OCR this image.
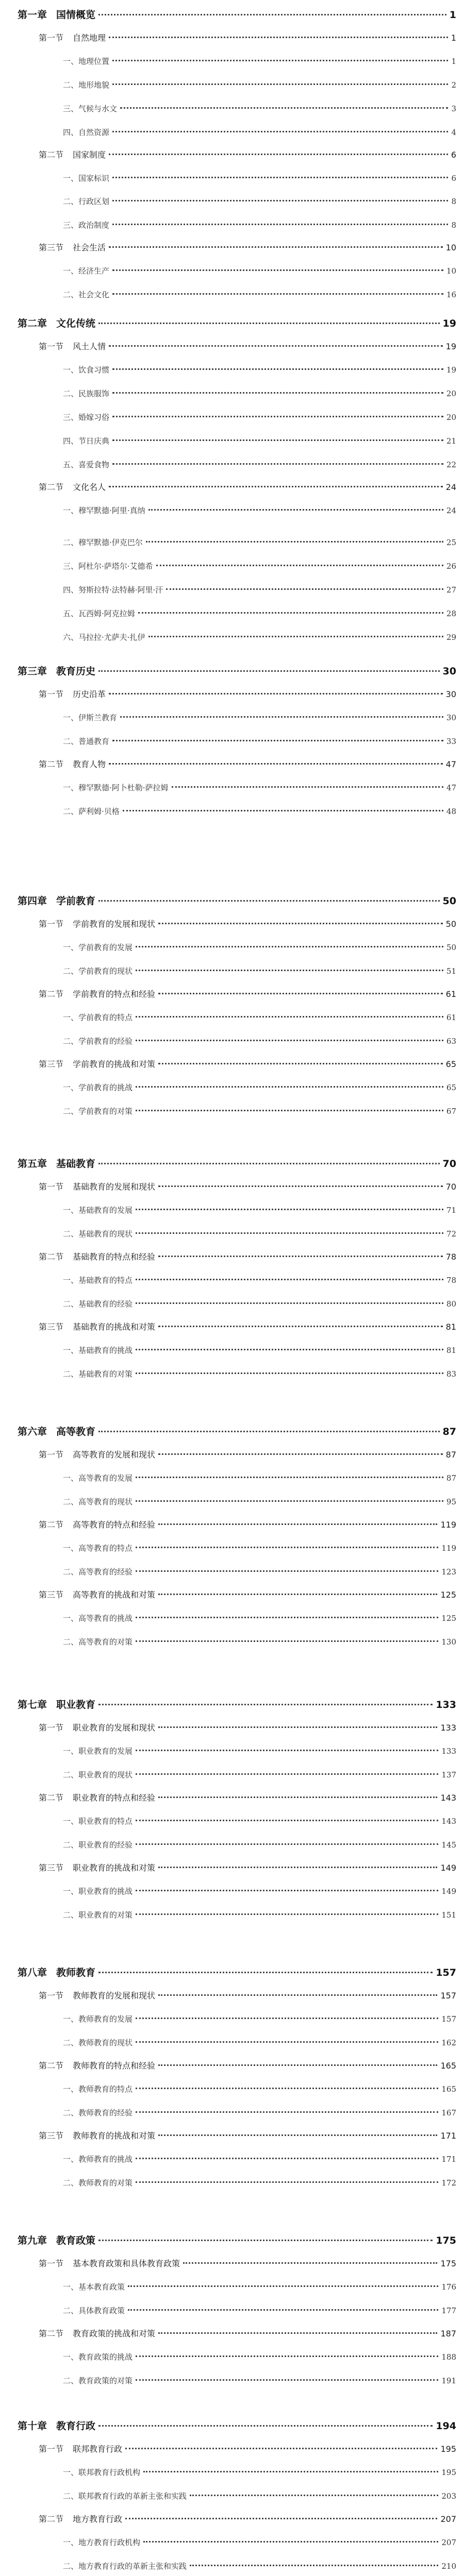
第一章 国情概览	1
第一节 自然地理	1
一、地理位置	1
二、地形地貌	2
三、气候与水文	3
四、自然资源	4
第二节 国家制度	6
一、国家标识	6
二、行政区划	8
三、政治制度	8
第三节 社会生活	10
一、经济生产	10
二、社会文化	16
第二章 文化传统	19
第一节 风土人情	19
一、饮食习惯	19
二、民族服饰	20
三、婚嫁习俗	20
四、节日庆典	21
五、喜爱食物	22
第二节 文化名人	24
一、穆罕默德·阿里·真纳	24
二、穆罕默德·伊克巴尔	25
三、阿杜尔·萨塔尔·艾德希	26
四、努斯拉特·法特赫·阿里·汗	27
五、瓦西姆·阿克拉姆	28
六、马拉拉·尤萨夫·扎伊	29
第三章 教育历史	30
第一节 历史沿革	30
一、伊斯兰教育	30
二、普通教育	33
第二节 教育人物	47
一、穆罕默德·阿卜杜勒·萨拉姆	47
二、萨利姆·贝格	48
第四章 学前教育	50
第一节 学前教育的发展和现状	50
一、学前教育的发展	50
二、学前教育的现状	51
第二节 学前教育的特点和经验	61
一、学前教育的特点	61
二、学前教育的经验	63
第三节 学前教育的挑战和对策	65
一、学前教育的挑战	65
二、学前教育的对策	67
第五章 基础教育	70
第一节 基础教育的发展和现状	70
一、基础教育的发展	71
二、基础教育的现状	72
第二节 基础教育的特点和经验	78
一、基础教育的特点	78
二、基础教育的经验	80
第三节 基础教育的挑战和对策	81
一、基础教育的挑战	81
二、基础教育的对策	83
第六章 高等教育	87
第一节 高等教育的发展和现状	87
一、高等教育的发展	87
二、高等教育的现状	95
第二节 高等教育的特点和经验	119
一、高等教育的特点	119
二、高等教育的经验	123
第三节 高等教育的挑战和对策	125
一、高等教育的挑战	125
二、高等教育的对策	130
第七章 职业教育	133
第一节 职业教育的发展和现状	133
一、职业教育的发展	133
二、职业教育的现状	137
第二节 职业教育的特点和经验	143
一、职业教育的特点	143
二、职业教育的经验	145
第三节 职业教育的挑战和对策	149
一、职业教育的挑战	149
二、职业教育的对策	151
第八章 教师教育	157
第一节 教师教育的发展和现状	157
一、教师教育的发展	157
二、教师教育的现状	162
第二节 教师教育的特点和经验	165
一、教师教育的特点	165
二、教师教育的经验	167
第三节 教师教育的挑战和对策	171
一、教师教育的挑战	171
二、教师教育的对策	172
第九章 教育政策	175
第一节 基本教育政策和具体教育政策	175
一、基本教育政策	176
二、具体教育政策	177
第二节 教育政策的挑战和对策	187
一、教育政策的挑战	188
二、教育政策的对策	191
第十章 教育行政	194
第一节 联邦教育行政	195
一、联邦教育行政机构	195
二、联邦教育行政的革新主张和实践	203
第二节 地方教育行政	207
一、地方教育行政机构	207
二、地方教育行政的革新主张和实践	210
